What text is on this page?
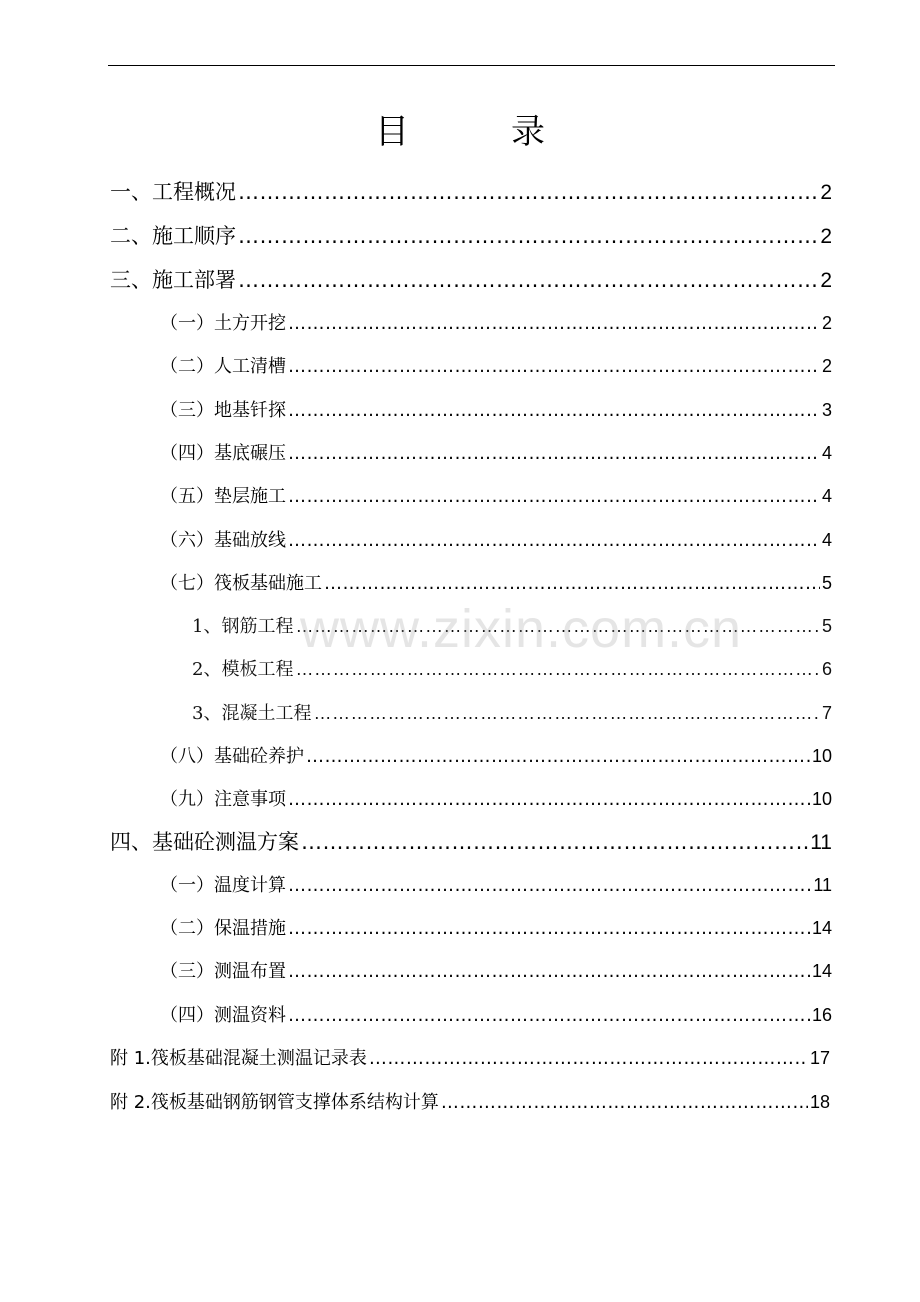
目　　　录
一、工程概况 ……………………………………………………………………………………………………………………………………………………………………………………………………………………………………………………………………	2
二、施工顺序 ……………………………………………………………………………………………………………………………………………………………………………………………………………………………………………………………………	2
三、施工部署 ……………………………………………………………………………………………………………………………………………………………………………………………………………………………………………………………………	2
（一）土方开挖 ……………………………………………………………………………………………………………………………………………………………………………………………………………………………………………………………………	2
（二）人工清槽 ……………………………………………………………………………………………………………………………………………………………………………………………………………………………………………………………………	2
（三）地基钎探 ……………………………………………………………………………………………………………………………………………………………………………………………………………………………………………………………………	3
（四）基底碾压 ……………………………………………………………………………………………………………………………………………………………………………………………………………………………………………………………………	4
（五）垫层施工 ……………………………………………………………………………………………………………………………………………………………………………………………………………………………………………………………………	4
（六）基础放线 ……………………………………………………………………………………………………………………………………………………………………………………………………………………………………………………………………	4
（七）筏板基础施工 ……………………………………………………………………………………………………………………………………………………………………………………………………………………………………………………………………	5
1、钢筋工程 ……………………………………………………………………………………………………………………………………………………………………………………………………………………………………………………………………	5
2、模板工程 ……………………………………………………………………………………………………………………………………………………………………………………………………………………………………………………………………	6
3、混凝土工程 ……………………………………………………………………………………………………………………………………………………………………………………………………………………………………………………………………	7
（八）基础砼养护 ……………………………………………………………………………………………………………………………………………………………………………………………………………………………………………………………………	10
（九）注意事项 ……………………………………………………………………………………………………………………………………………………………………………………………………………………………………………………………………	10
四、基础砼测温方案 ……………………………………………………………………………………………………………………………………………………………………………………………………………………………………………………………………	11
（一）温度计算 ……………………………………………………………………………………………………………………………………………………………………………………………………………………………………………………………………	11
（二）保温措施 ……………………………………………………………………………………………………………………………………………………………………………………………………………………………………………………………………	14
（三）测温布置 ……………………………………………………………………………………………………………………………………………………………………………………………………………………………………………………………………	14
（四）测温资料 ……………………………………………………………………………………………………………………………………………………………………………………………………………………………………………………………………	16
附 1.筏板基础混凝土测温记录表 ……………………………………………………………………………………………………………………………………………………………………………………………………………………………………………………………………	17
附 2.筏板基础钢筋钢管支撑体系结构计算 ……………………………………………………………………………………………………………………………………………………………………………………………………………………………………………………………………	18
www.zixin.com.cn
